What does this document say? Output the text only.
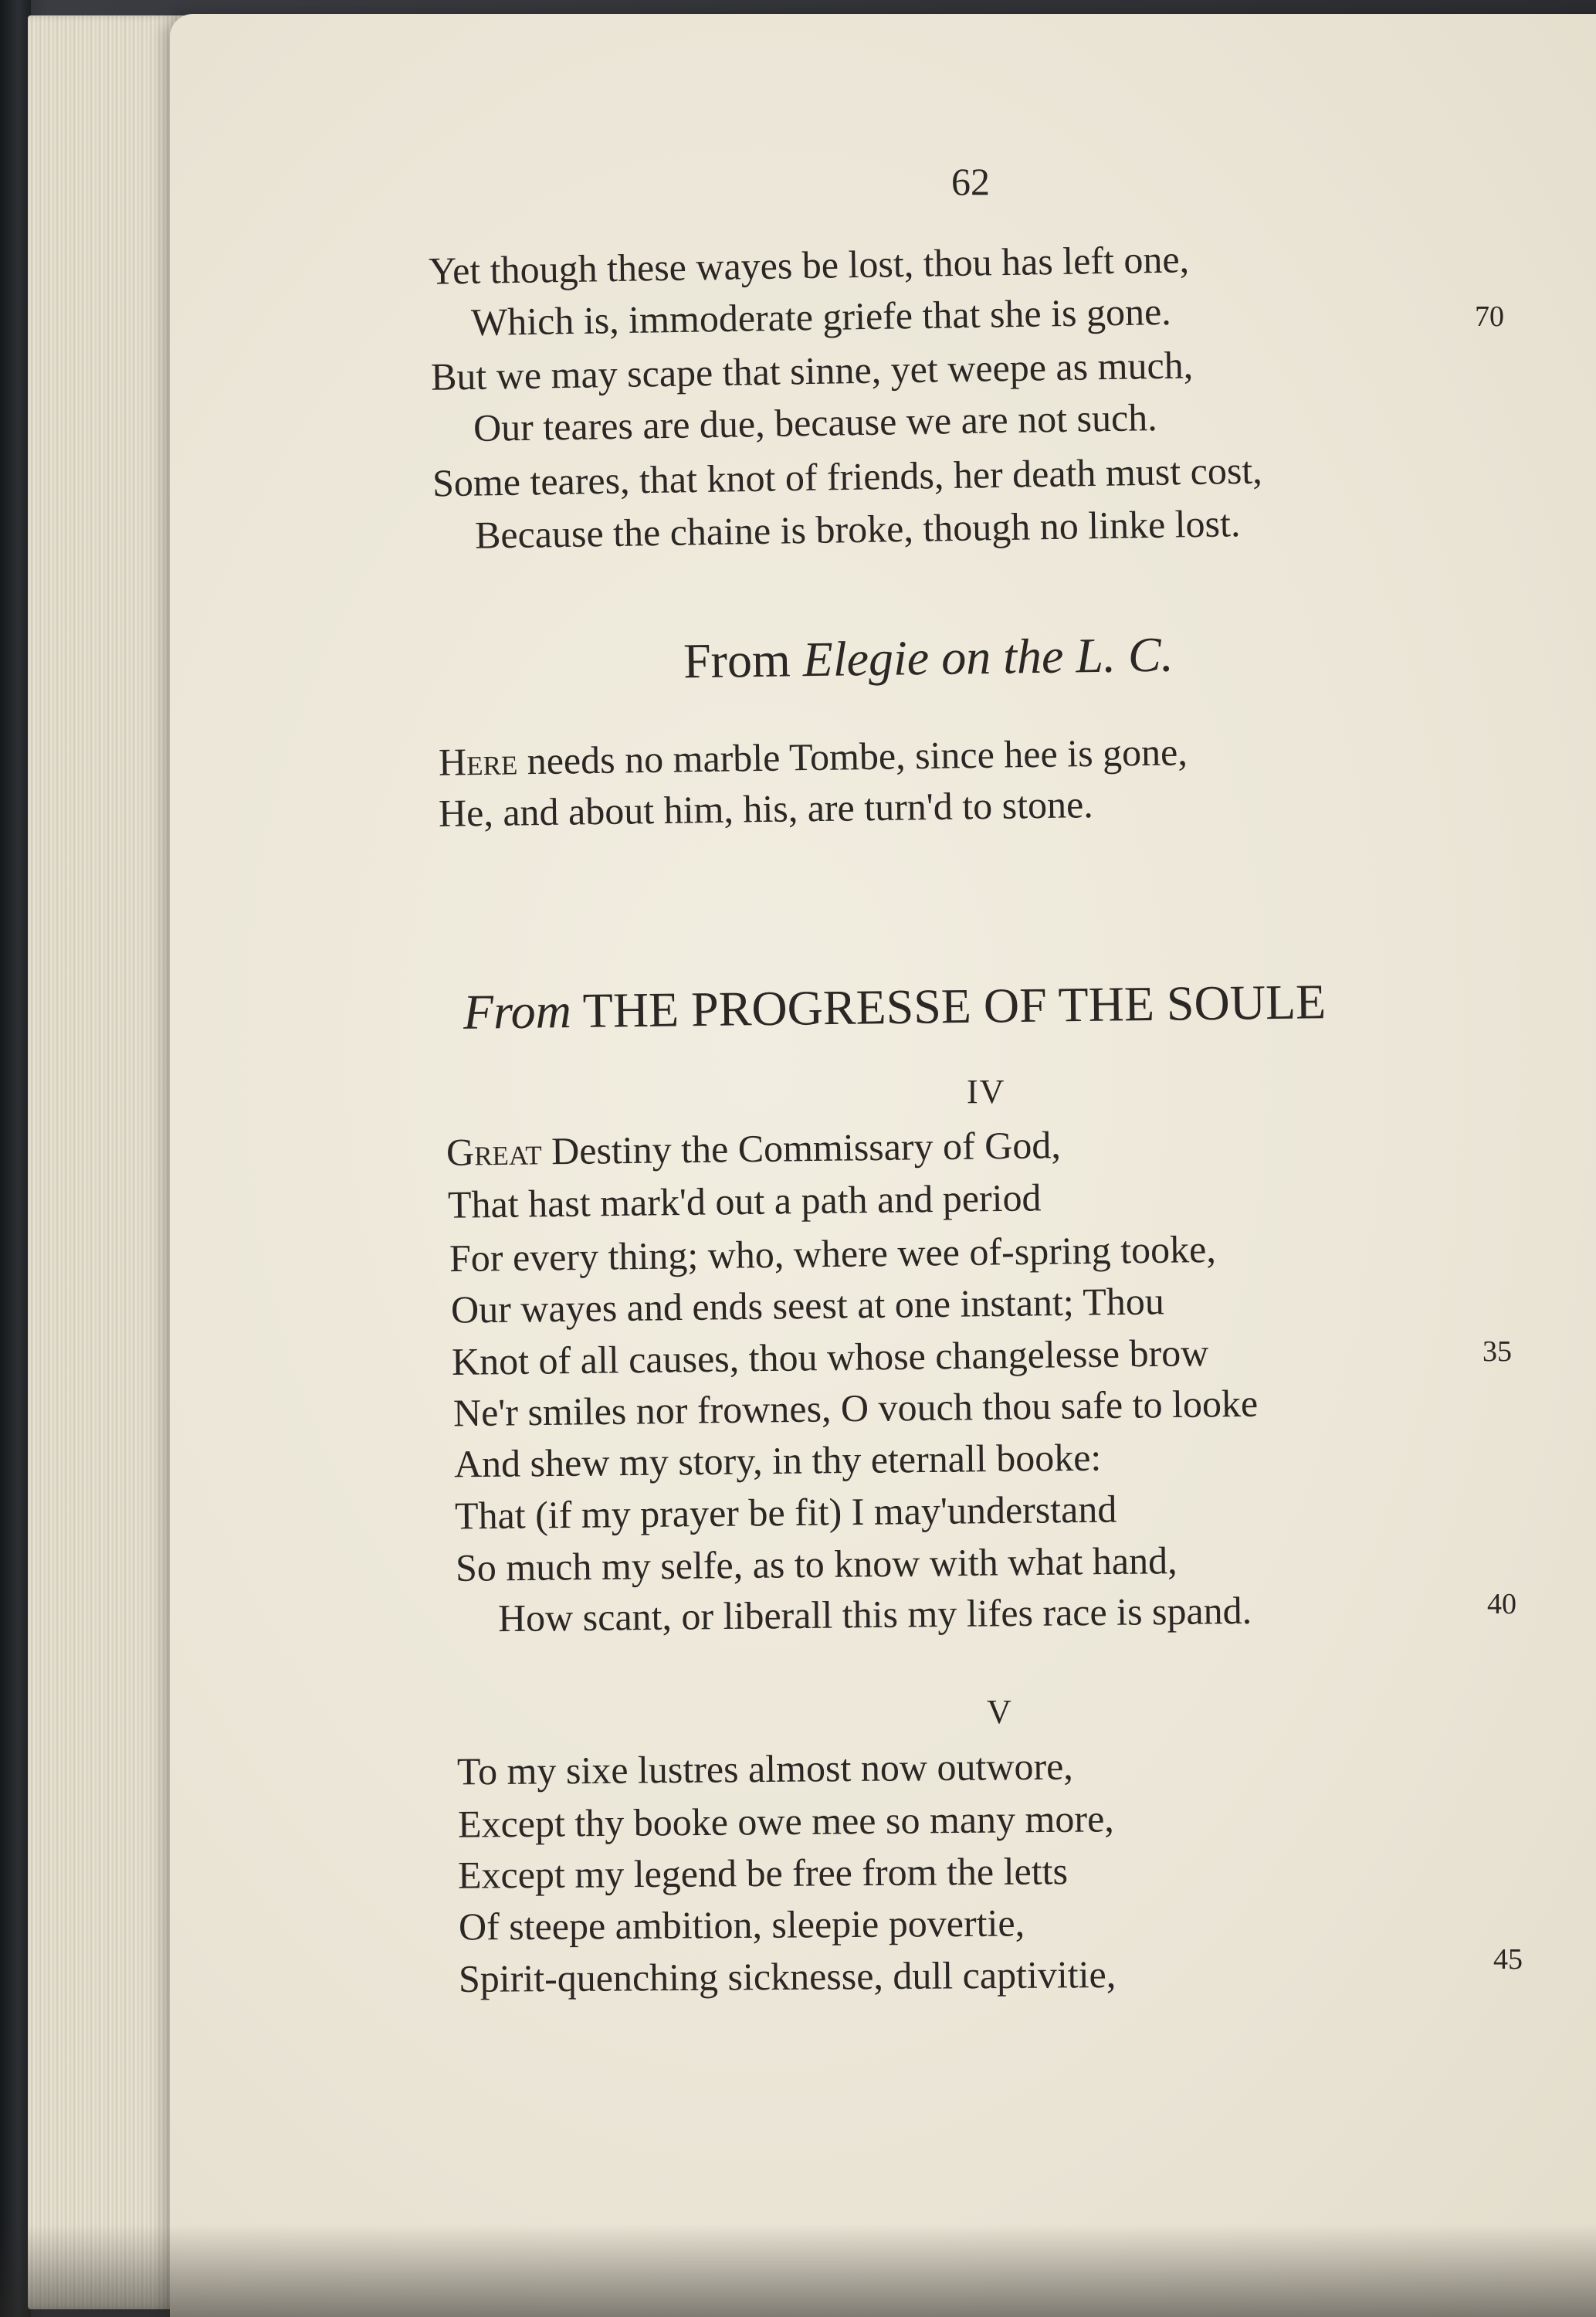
62
Yet though these wayes be lost, thou has left one,
Which is, immoderate griefe that she is gone.	70
But we may scape that sinne, yet weepe as much,
Our teares are due, because we are not such.
Some teares, that knot of friends, her death must cost,
Because the chaine is broke, though no linke lost.
From Elegie on the L. C.
Here needs no marble Tombe, since hee is gone,
He, and about him, his, are turn'd to stone.
From THE PROGRESSE OF THE SOULE
IV
Great Destiny the Commissary of God,
That hast mark'd out a path and period
For every thing; who, where wee of-spring tooke,
Our wayes and ends seest at one instant; Thou
Knot of all causes, thou whose changelesse brow	35
Ne'r smiles nor frownes, O vouch thou safe to looke
And shew my story, in thy eternall booke:
That (if my prayer be fit) I may'understand
So much my selfe, as to know with what hand,
How scant, or liberall this my lifes race is spand.	40
V
To my sixe lustres almost now outwore,
Except thy booke owe mee so many more,
Except my legend be free from the letts
Of steepe ambition, sleepie povertie,
Spirit-quenching sicknesse, dull captivitie,	45
